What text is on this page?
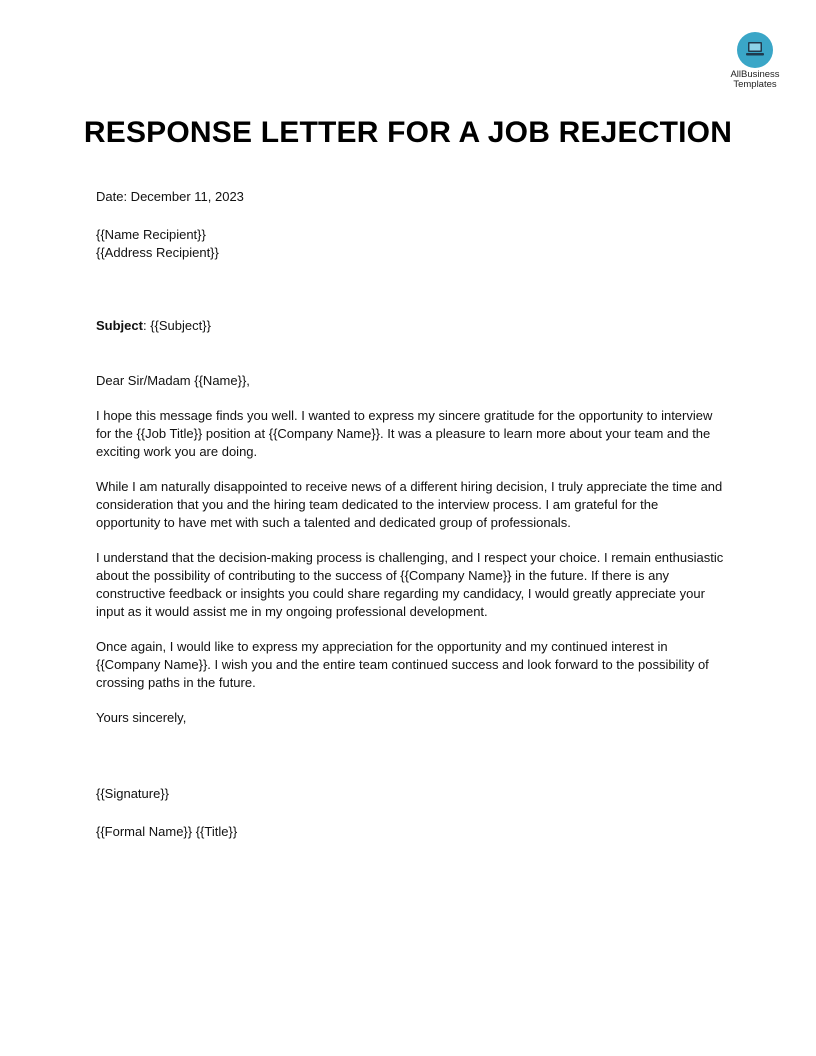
AllBusiness
Templates
RESPONSE LETTER FOR A JOB REJECTION

Date: December 11, 2023

{{Name Recipient}}

{{Address Recipient}}

Subject: {{Subject}}

Dear Sir/Madam {{Name}},

I hope this message finds you well. I wanted to express my sincere gratitude for the opportunity to interview for the {{Job Title}} position at {{Company Name}}. It was a pleasure to learn more about your team and the exciting work you are doing.

While I am naturally disappointed to receive news of a different hiring decision, I truly appreciate the time and consideration that you and the hiring team dedicated to the interview process. I am grateful for the opportunity to have met with such a talented and dedicated group of professionals.

I understand that the decision-making process is challenging, and I respect your choice. I remain enthusiastic about the possibility of contributing to the success of {{Company Name}} in the future. If there is any constructive feedback or insights you could share regarding my candidacy, I would greatly appreciate your input as it would assist me in my ongoing professional development.

Once again, I would like to express my appreciation for the opportunity and my continued interest in {{Company Name}}. I wish you and the entire team continued success and look forward to the possibility of crossing paths in the future.

Yours sincerely,

{{Signature}}

{{Formal Name}} {{Title}}
